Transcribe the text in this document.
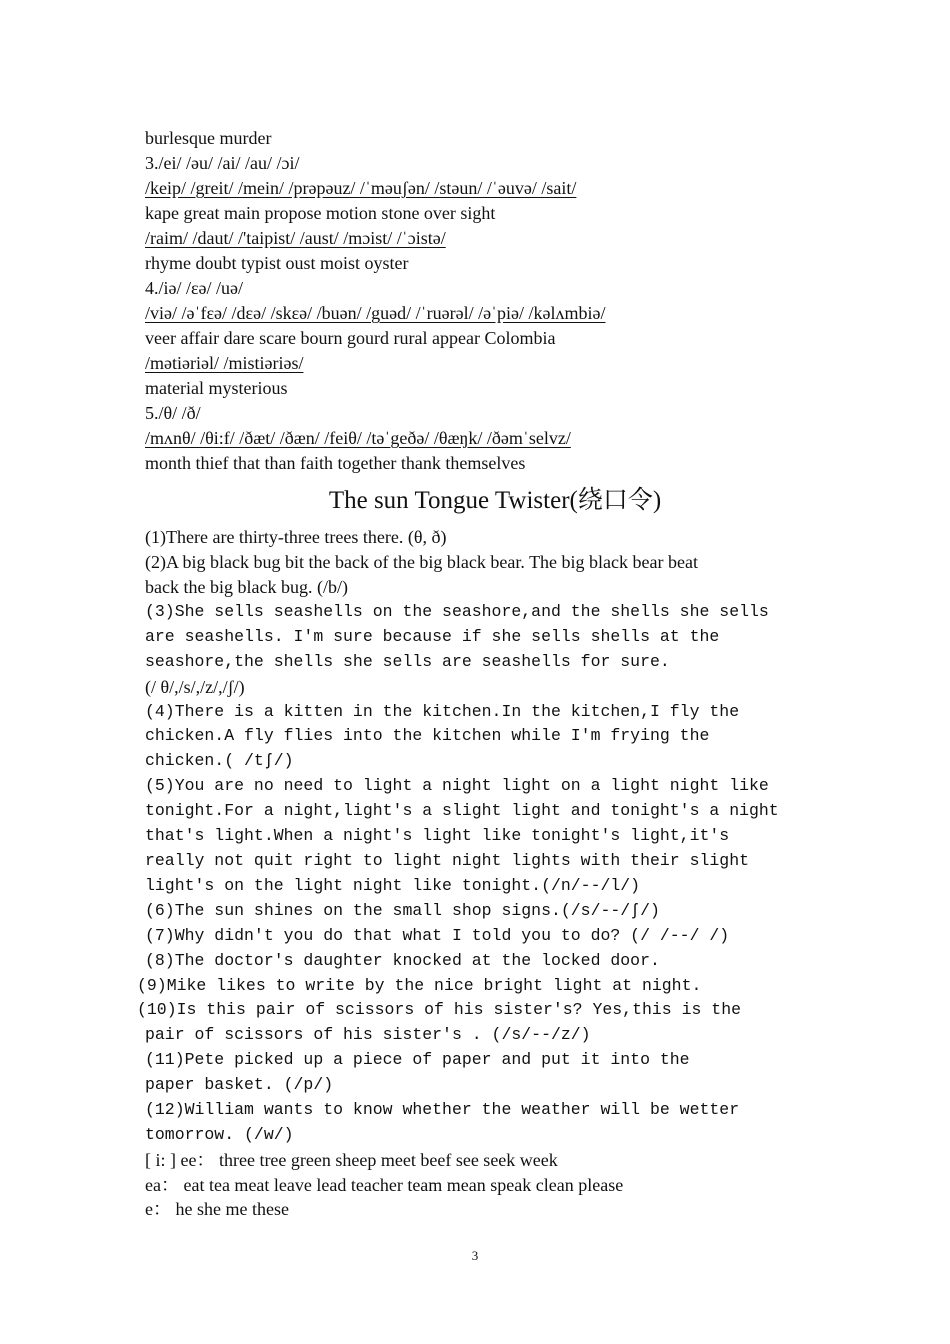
burlesque murder
3./ei/ /əu/ /ai/ /au/ /ɔi/
/keip/ /greit/ /mein/ /prəpəuz/ /ˈməuʃən/ /stəun/ /ˈəuvə/ /sait/
kape great main propose motion stone over sight
/raim/ /daut/ /'taipist/ /aust/ /mɔist/ /ˈɔistə/
rhyme doubt typist oust moist oyster
4./iə/ /εə/ /uə/
/viə/ /əˈfεə/ /dεə/ /skεə/ /buən/ /guəd/ /ˈruərəl/ /əˈpiə/ /kəlʌmbiə/
veer affair dare scare bourn gourd rural appear Colombia
/mətiəriəl/ /mistiəriəs/
material mysterious
5./θ/ /ð/
/mʌnθ/ /θi:f/ /ðæt/ /ðæn/ /feiθ/ /təˈgeðə/ /θæŋk/ /ðəmˈselvz/
month thief that than faith together thank themselves
The sun Tongue Twister(绕口令)
(1)There are thirty-three trees there. (θ, ð)
(2)A big black bug bit the back of the big black bear. The big black bear beat
back the big black bug. (/b/)
(3)She sells seashells on the seashore,and the shells she sells
are seashells. I'm sure because if she sells shells at the
seashore,the shells she sells are seashells for sure.
(/ θ/,/s/,/z/,/ʃ/)
(4)There is a kitten in the kitchen.In the kitchen,I fly the
chicken.A fly flies into the kitchen while I'm frying the
chicken.( /tʃ/)
(5)You are no need to light a night light on a light night like
tonight.For a night,light's a slight light and tonight's a night
that's light.When a night's light like tonight's light,it's
really not quit right to light night lights with their slight
light's on the light night like tonight.(/n/--/l/)
(6)The sun shines on the small shop signs.(/s/--/ʃ/)
(7)Why didn't you do that what I told you to do? (/ /--/ /)
(8)The doctor's daughter knocked at the locked door.
(9)Mike likes to write by the nice bright light at night.
(10)Is this pair of scissors of his sister's? Yes,this is the
pair of scissors of his sister's . (/s/--/z/)
(11)Pete picked up a piece of paper and put it into the
paper basket. (/p/)
(12)William wants to know whether the weather will be wetter
tomorrow. (/w/)
[ i: ] ee： three tree green sheep meet beef see seek week
ea： eat tea meat leave lead teacher team mean speak clean please
e： he she me these
3
